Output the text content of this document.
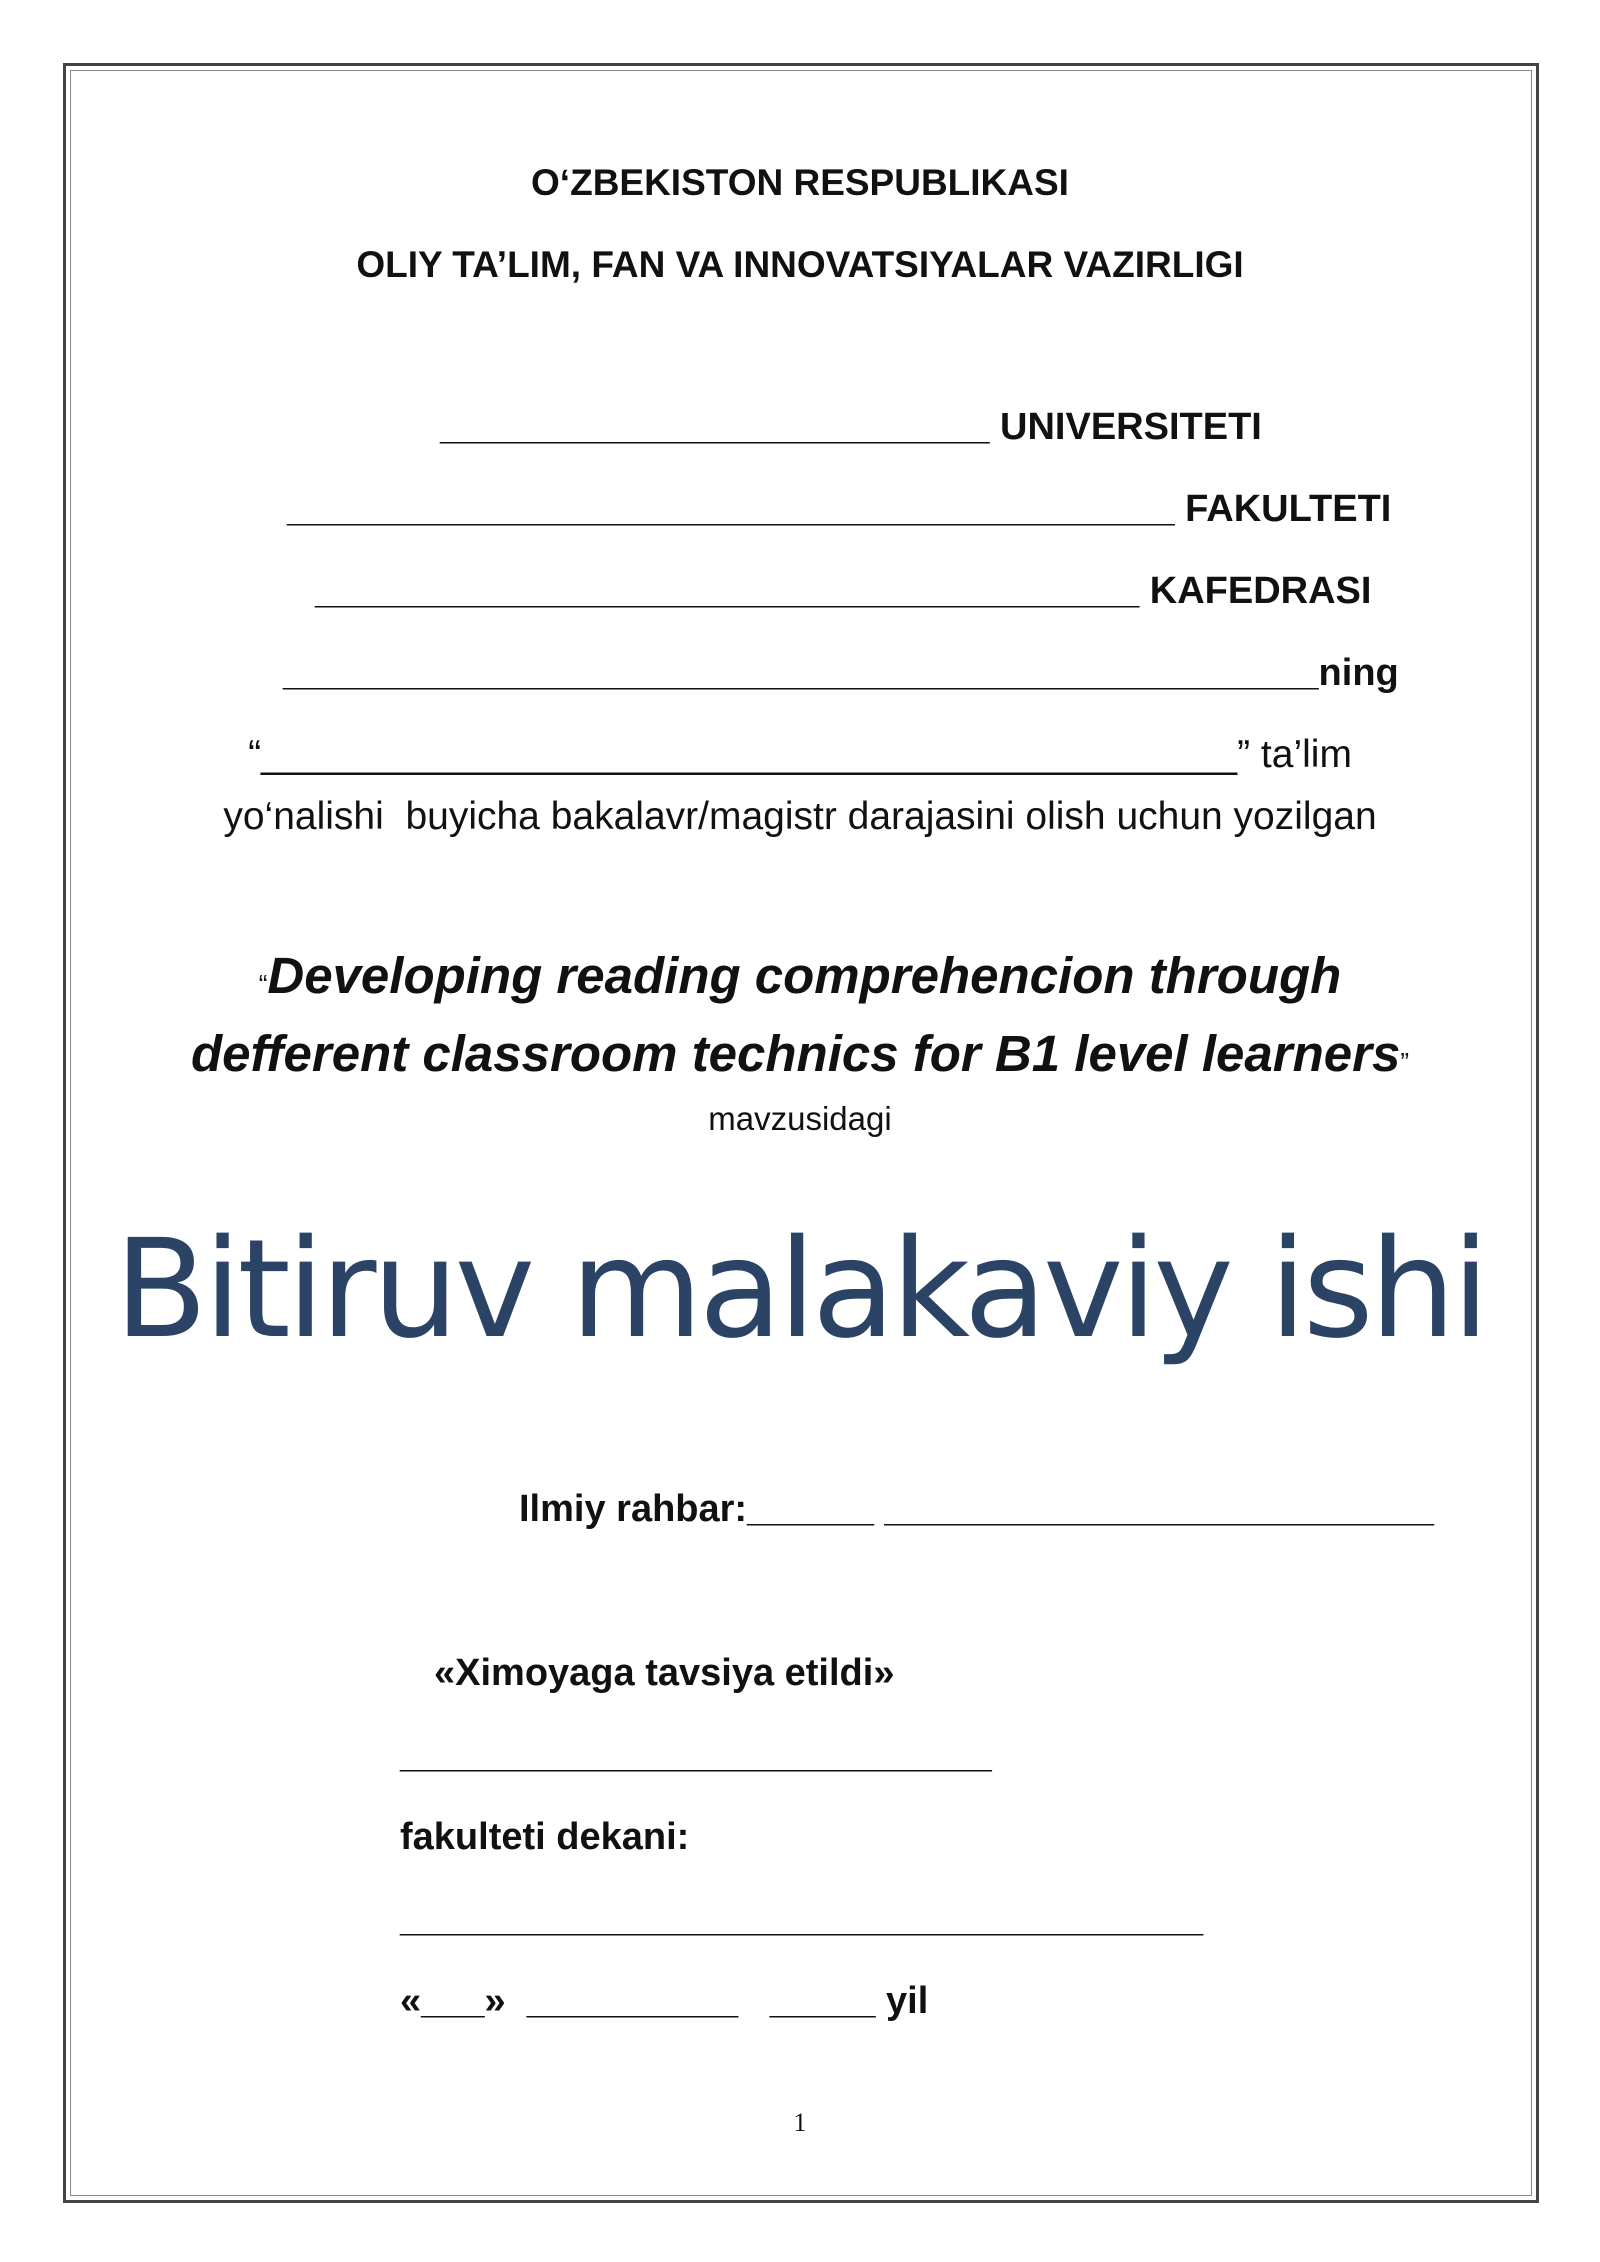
O‘ZBEKISTON RESPUBLIKASI
OLIY TA’LIM, FAN VA INNOVATSIYALAR VAZIRLIGI
__________________________ UNIVERSITETI
__________________________________________ FAKULTETI
_______________________________________ KAFEDRASI
_________________________________________________ning
“_____________________________________________” ta’lim
yo‘nalishi  buyicha bakalavr/magistr darajasini olish uchun yozilgan
“Developing reading comprehencion through
defferent classroom technics for B1 level learners”
mavzusidagi
Bitiruv malakaviy ishi
Ilmiy rahbar:______ __________________________
«Ximoyaga tavsiya etildi»
____________________________
fakulteti dekani:
______________________________________
«___»  __________   _____ yil
1
